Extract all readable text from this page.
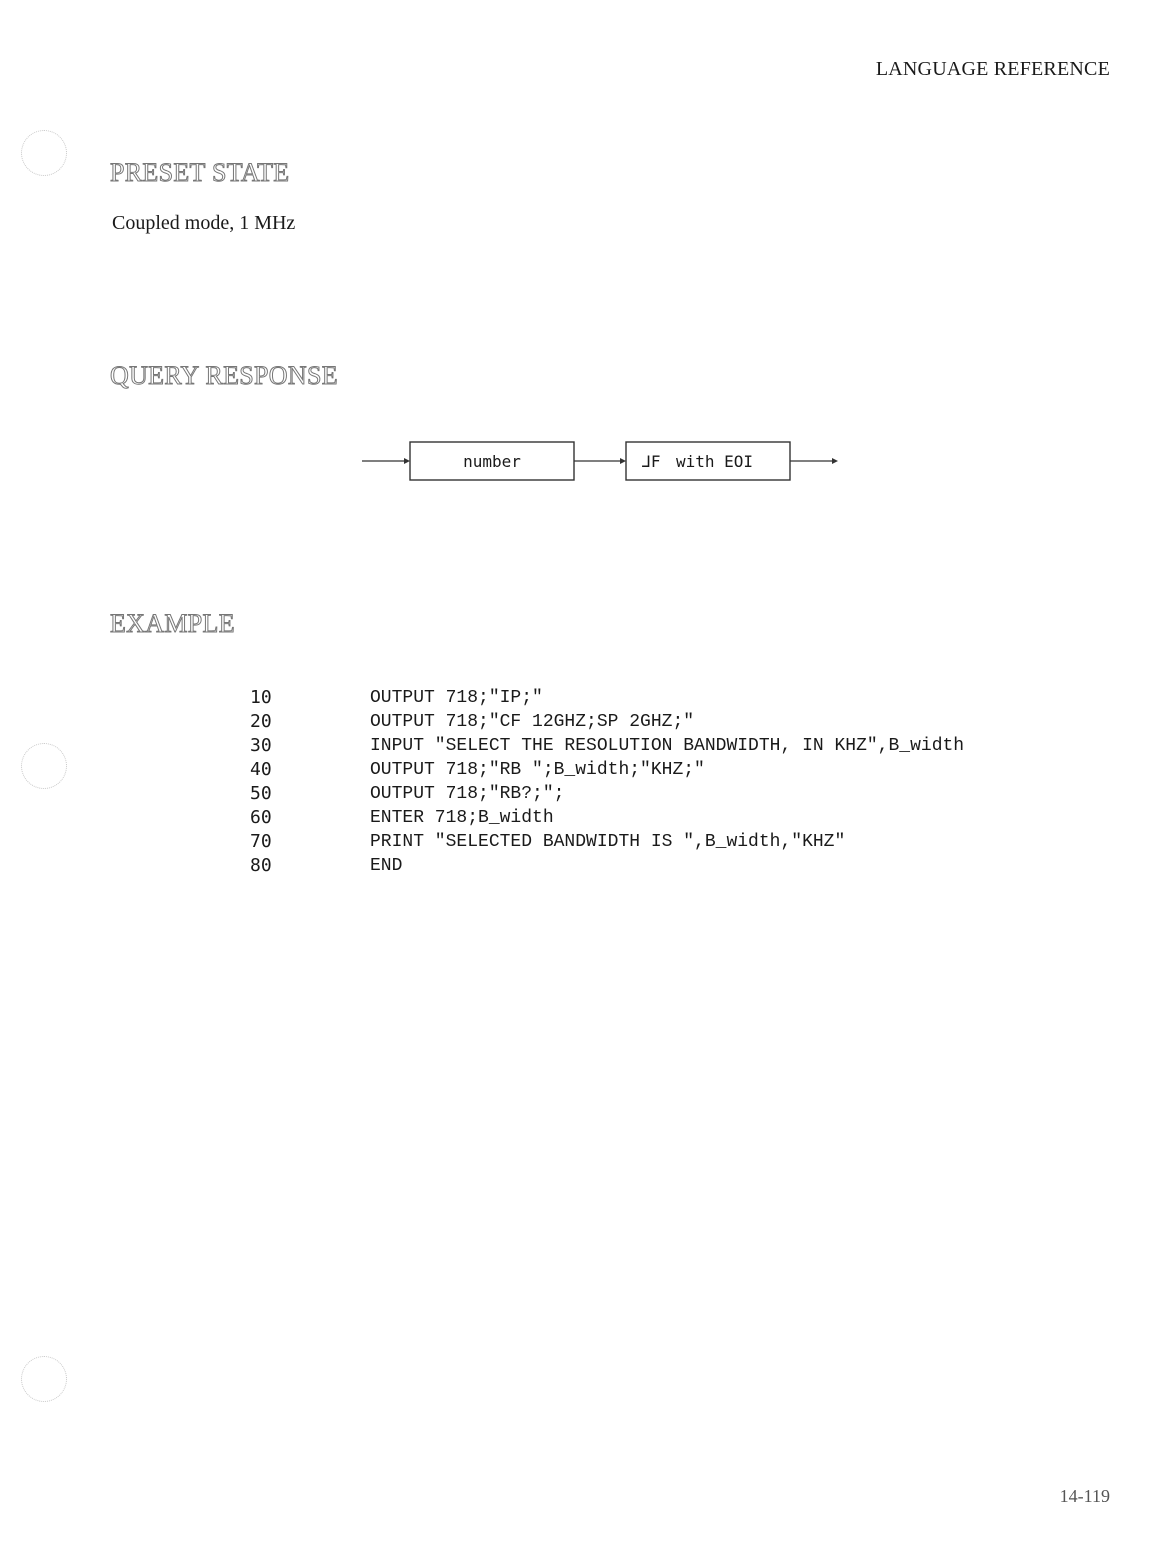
LANGUAGE REFERENCE
PRESET STATE
Coupled mode, 1 MHz
QUERY RESPONSE
number	⅃F with EOI
EXAMPLE
10	OUTPUT 718;"IP;"
20	OUTPUT 718;"CF 12GHZ;SP 2GHZ;"
30	INPUT "SELECT THE RESOLUTION BANDWIDTH, IN KHZ",B_width
40	OUTPUT 718;"RB ";B_width;"KHZ;"
50	OUTPUT 718;"RB?;";
60	ENTER 718;B_width
70	PRINT "SELECTED BANDWIDTH IS ",B_width,"KHZ"
80	END
14-119
